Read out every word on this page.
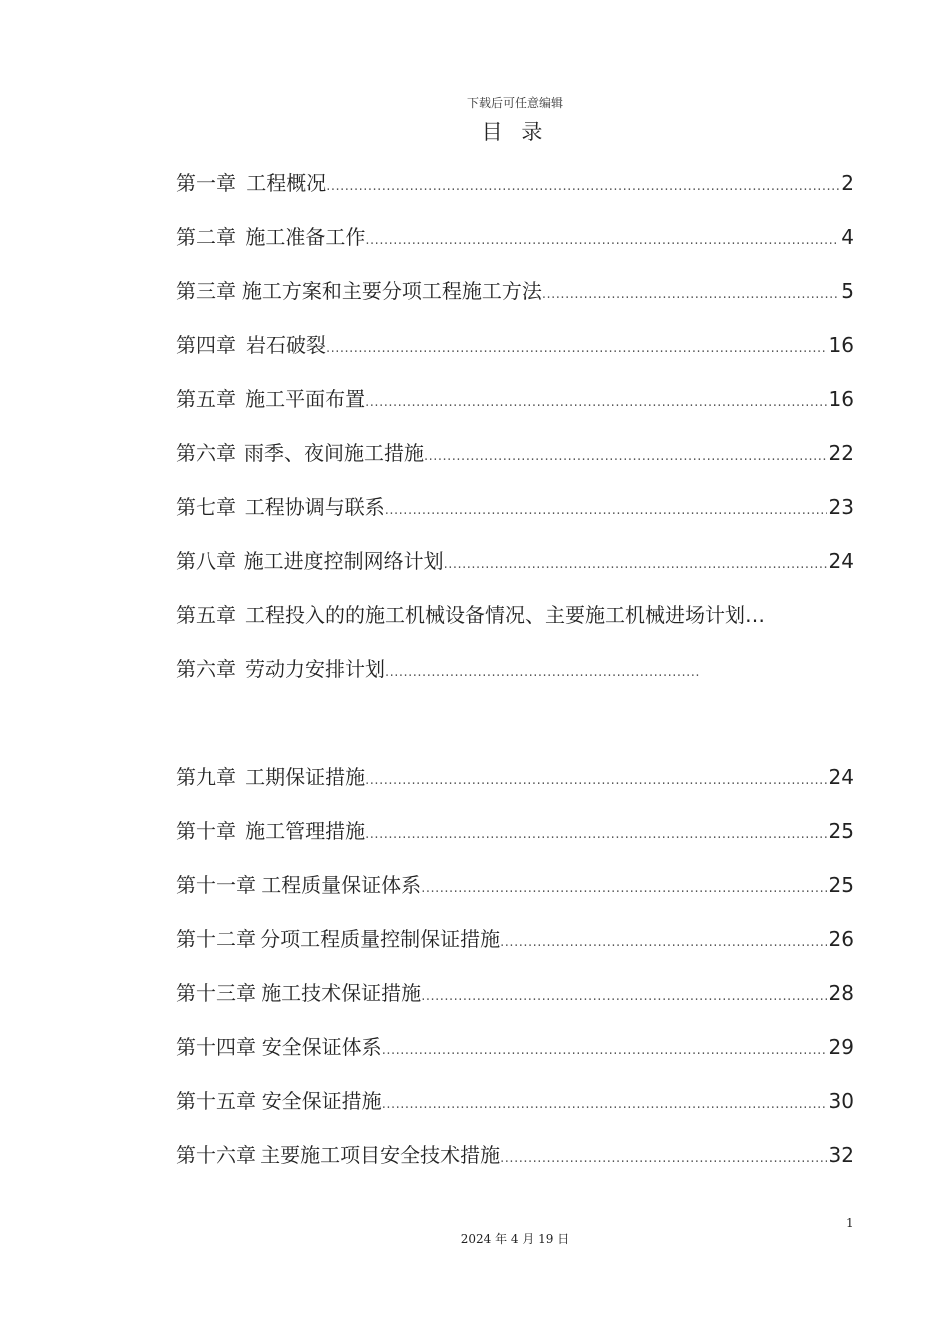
下载后可任意编辑
目 录
第一章 工程概况 .....	2
第二章 施工准备工作 .....	4
第三章 施工方案和主要分项工程施工方法 .....	5
第四章 岩石破裂 .....	16
第五章 施工平面布置 .....	16
第六章 雨季、夜间施工措施 .....	22
第七章 工程协调与联系 .....	23
第八章 施工进度控制网络计划 .....	24
第五章 工程投入的的施工机械设备情况、主要施工机械进场计划…
第六章 劳动力安排计划
.....
第九章 工期保证措施 .....	24
第十章 施工管理措施 .....	25
第十一章 工程质量保证体系 .....	25
第十二章 分项工程质量控制保证措施 .....	26
第十三章 施工技术保证措施 .....	28
第十四章 安全保证体系 .....	29
第十五章 安全保证措施 .....	30
第十六章 主要施工项目安全技术措施 .....	32
1
2024 年 4 月 19 日
